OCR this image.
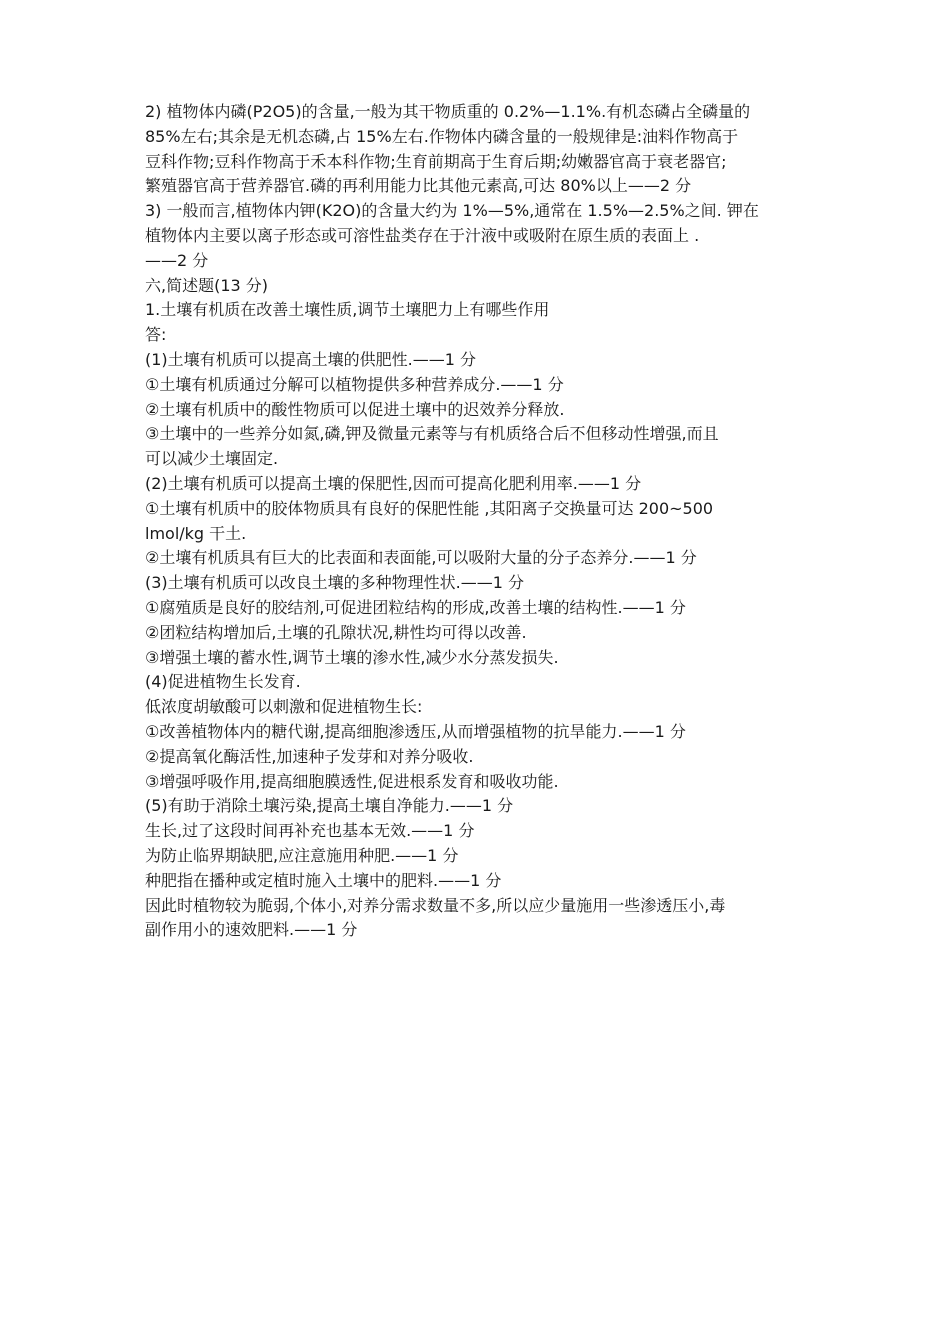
2) 植物体内磷(P2O5)的含量,一般为其干物质重的 0.2%—1.1%.有机态磷占全磷量的
85%左右;其余是无机态磷,占 15%左右.作物体内磷含量的一般规律是:油料作物高于
豆科作物;豆科作物高于禾本科作物;生育前期高于生育后期;幼嫩器官高于衰老器官;
繁殖器官高于营养器官.磷的再利用能力比其他元素高,可达 80%以上——2 分
3) 一般而言,植物体内钾(K2O)的含量大约为 1%—5%,通常在 1.5%—2.5%之间. 钾在
植物体内主要以离子形态或可溶性盐类存在于汁液中或吸附在原生质的表面上 .
——2 分
六,简述题(13 分)
1.土壤有机质在改善土壤性质,调节土壤肥力上有哪些作用
答:
(1)土壤有机质可以提高土壤的供肥性.——1 分
①土壤有机质通过分解可以植物提供多种营养成分.——1 分
②土壤有机质中的酸性物质可以促进土壤中的迟效养分释放.
③土壤中的一些养分如氮,磷,钾及微量元素等与有机质络合后不但移动性增强,而且
可以减少土壤固定.
(2)土壤有机质可以提高土壤的保肥性,因而可提高化肥利用率.——1 分
①土壤有机质中的胶体物质具有良好的保肥性能 ,其阳离子交换量可达 200~500
lmol/kg 干土.
②土壤有机质具有巨大的比表面和表面能,可以吸附大量的分子态养分.——1 分
(3)土壤有机质可以改良土壤的多种物理性状.——1 分
①腐殖质是良好的胶结剂,可促进团粒结构的形成,改善土壤的结构性.——1 分
②团粒结构增加后,土壤的孔隙状况,耕性均可得以改善.
③增强土壤的蓄水性,调节土壤的渗水性,减少水分蒸发损失.
(4)促进植物生长发育.
低浓度胡敏酸可以刺激和促进植物生长:
①改善植物体内的糖代谢,提高细胞渗透压,从而增强植物的抗旱能力.——1 分
②提高氧化酶活性,加速种子发芽和对养分吸收.
③增强呼吸作用,提高细胞膜透性,促进根系发育和吸收功能.
(5)有助于消除土壤污染,提高土壤自净能力.——1 分
生长,过了这段时间再补充也基本无效.——1 分
为防止临界期缺肥,应注意施用种肥.——1 分
种肥指在播种或定植时施入土壤中的肥料.——1 分
因此时植物较为脆弱,个体小,对养分需求数量不多,所以应少量施用一些渗透压小,毒
副作用小的速效肥料.——1 分
